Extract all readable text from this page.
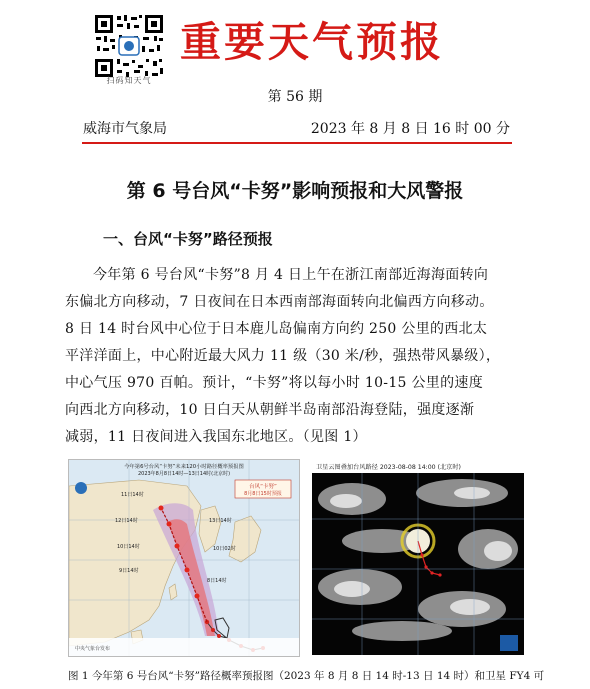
扫码知天气
重要天气预报
第 56 期
威海市气象局	2023 年 8 月 8 日 16 时 00 分
第 6 号台风“卡努”影响预报和大风警报
一、台风“卡努”路径预报
今年第 6 号台风“卡努”8 月 4 日上午在浙江南部近海海面转向
东偏北方向移动，7 日夜间在日本西南部海面转向北偏西方向移动。
8 日 14 时台风中心位于日本鹿儿岛偏南方向约 250 公里的西北太
平洋洋面上，中心附近最大风力 11 级（30 米/秒，强热带风暴级），
中心气压 970 百帕。预计，“卡努”将以每小时 10-15 公里的速度
向西北方向移动，10 日白天从朝鲜半岛南部沿海登陆，强度逐渐
减弱，11 日夜间进入我国东北地区。（见图 1）
台风“卡努”
8月8日15时预报
今年第6号台风“卡努”未来120小时路径概率预报图
2023年8月8日14时—13日14时(北京时)
11日14时
12日14时
10日14时
9日14时
8日14时
13日14时
10日02时
中央气象台发布
卫星云图叠加台风路径 2023-08-08 14:00 (北京时)
图 1 今年第 6 号台风“卡努”路径概率预报图（2023 年 8 月 8 日 14 时-13 日 14 时）和卫星 FY4 可
